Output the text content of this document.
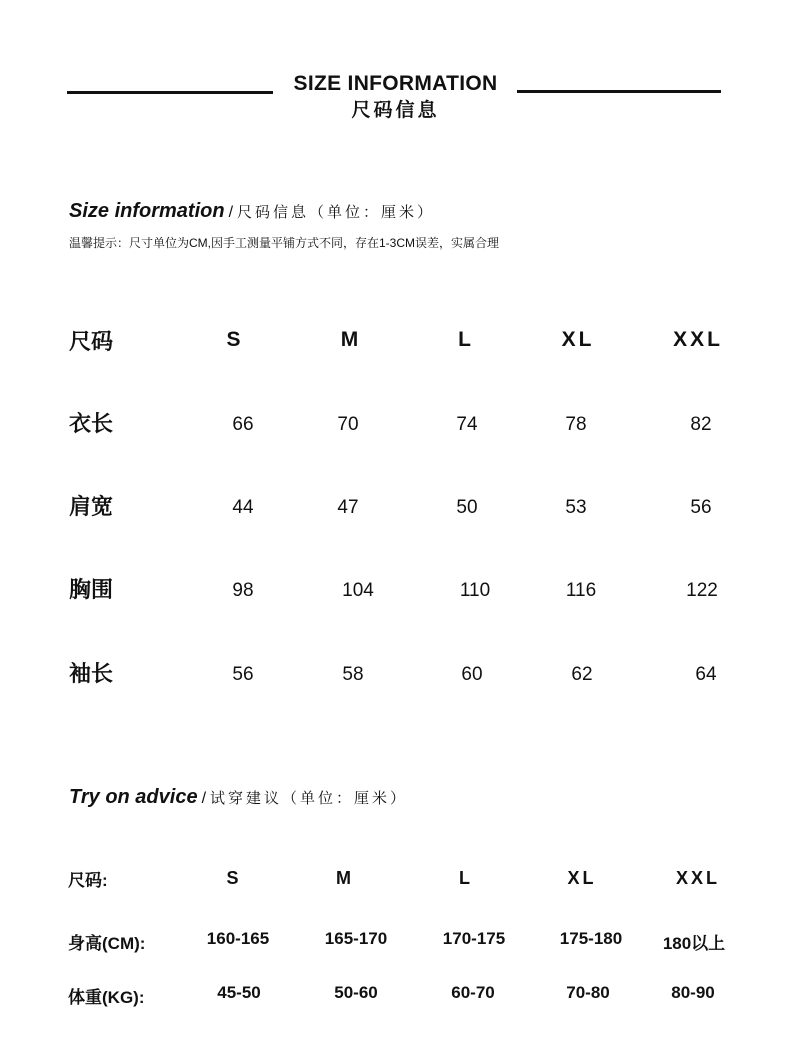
SIZE INFORMATION
尺码信息
Size information / 尺码信息（单位：厘米）
温馨提示：尺寸单位为CM,因手工测量平铺方式不同，存在1-3CM误差，实属合理
尺码	S	M	L	XL	XXL
衣长	66	70	74	78	82
肩宽	44	47	50	53	56
胸围	98	104	110	116	122
袖长	56	58	60	62	64
Try on advice / 试穿建议（单位：厘米）
尺码:	S	M	L	XL	XXL
身高(CM):	160-165	165-170	170-175	175-180	180以上
体重(KG):	45-50	50-60	60-70	70-80	80-90
